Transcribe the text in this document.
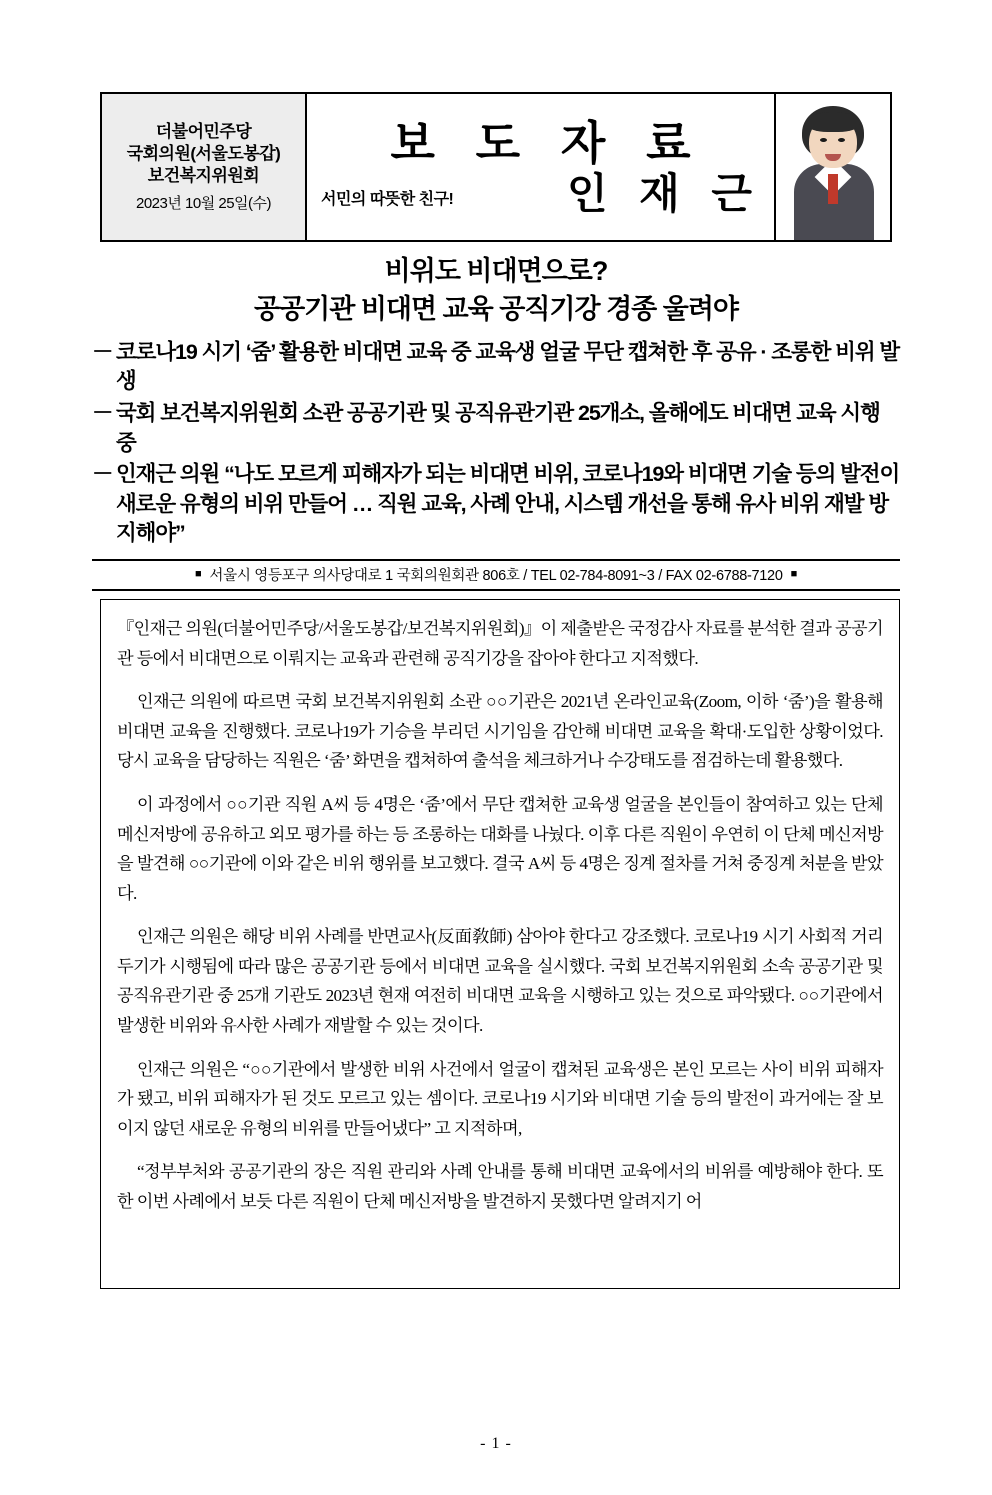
더불어민주당
국회의원(서울도봉갑)
보건복지위원회
2023년 10월 25일(수)
보 도 자 료
서민의 따뜻한 친구!	인 재 근
비위도 비대면으로?
공공기관 비대면 교육 공직기강 경종 울려야
－ 코로나19 시기 ‘줌’ 활용한 비대면 교육 중 교육생 얼굴 무단 캡쳐한 후 공유 · 조롱한 비위 발생
－ 국회 보건복지위원회 소관 공공기관 및 공직유관기관 25개소, 올해에도 비대면 교육 시행 중
－ 인재근 의원 “나도 모르게 피해자가 되는 비대면 비위, 코로나19와 비대면 기술 등의 발전이 새로운 유형의 비위 만들어 … 직원 교육, 사례 안내, 시스템 개선을 통해 유사 비위 재발 방지해야”
■ 서울시 영등포구 의사당대로 1 국회의원회관 806호 / TEL 02-784-8091~3 / FAX 02-6788-7120 ■

『인재근 의원(더불어민주당/서울도봉갑/보건복지위원회)』이 제출받은 국정감사 자료를 분석한 결과 공공기관 등에서 비대면으로 이뤄지는 교육과 관련해 공직기강을 잡아야 한다고 지적했다.

인재근 의원에 따르면 국회 보건복지위원회 소관 ○○기관은 2021년 온라인교육(Zoom, 이하 ‘줌’)을 활용해 비대면 교육을 진행했다. 코로나19가 기승을 부리던 시기임을 감안해 비대면 교육을 확대·도입한 상황이었다. 당시 교육을 담당하는 직원은 ‘줌’ 화면을 캡쳐하여 출석을 체크하거나 수강태도를 점검하는데 활용했다.

이 과정에서 ○○기관 직원 A씨 등 4명은 ‘줌’에서 무단 캡쳐한 교육생 얼굴을 본인들이 참여하고 있는 단체 메신저방에 공유하고 외모 평가를 하는 등 조롱하는 대화를 나눴다. 이후 다른 직원이 우연히 이 단체 메신저방을 발견해 ○○기관에 이와 같은 비위 행위를 보고했다. 결국 A씨 등 4명은 징계 절차를 거쳐 중징계 처분을 받았다.

인재근 의원은 해당 비위 사례를 반면교사(反面敎師) 삼아야 한다고 강조했다. 코로나19 시기 사회적 거리두기가 시행됨에 따라 많은 공공기관 등에서 비대면 교육을 실시했다. 국회 보건복지위원회 소속 공공기관 및 공직유관기관 중 25개 기관도 2023년 현재 여전히 비대면 교육을 시행하고 있는 것으로 파악됐다. ○○기관에서 발생한 비위와 유사한 사례가 재발할 수 있는 것이다.

인재근 의원은 “○○기관에서 발생한 비위 사건에서 얼굴이 캡쳐된 교육생은 본인 모르는 사이 비위 피해자가 됐고, 비위 피해자가 된 것도 모르고 있는 셈이다. 코로나19 시기와 비대면 기술 등의 발전이 과거에는 잘 보이지 않던 새로운 유형의 비위를 만들어냈다” 고 지적하며,

“정부부처와 공공기관의 장은 직원 관리와 사례 안내를 통해 비대면 교육에서의 비위를 예방해야 한다. 또한 이번 사례에서 보듯 다른 직원이 단체 메신저방을 발견하지 못했다면 알려지기 어

- 1 -
